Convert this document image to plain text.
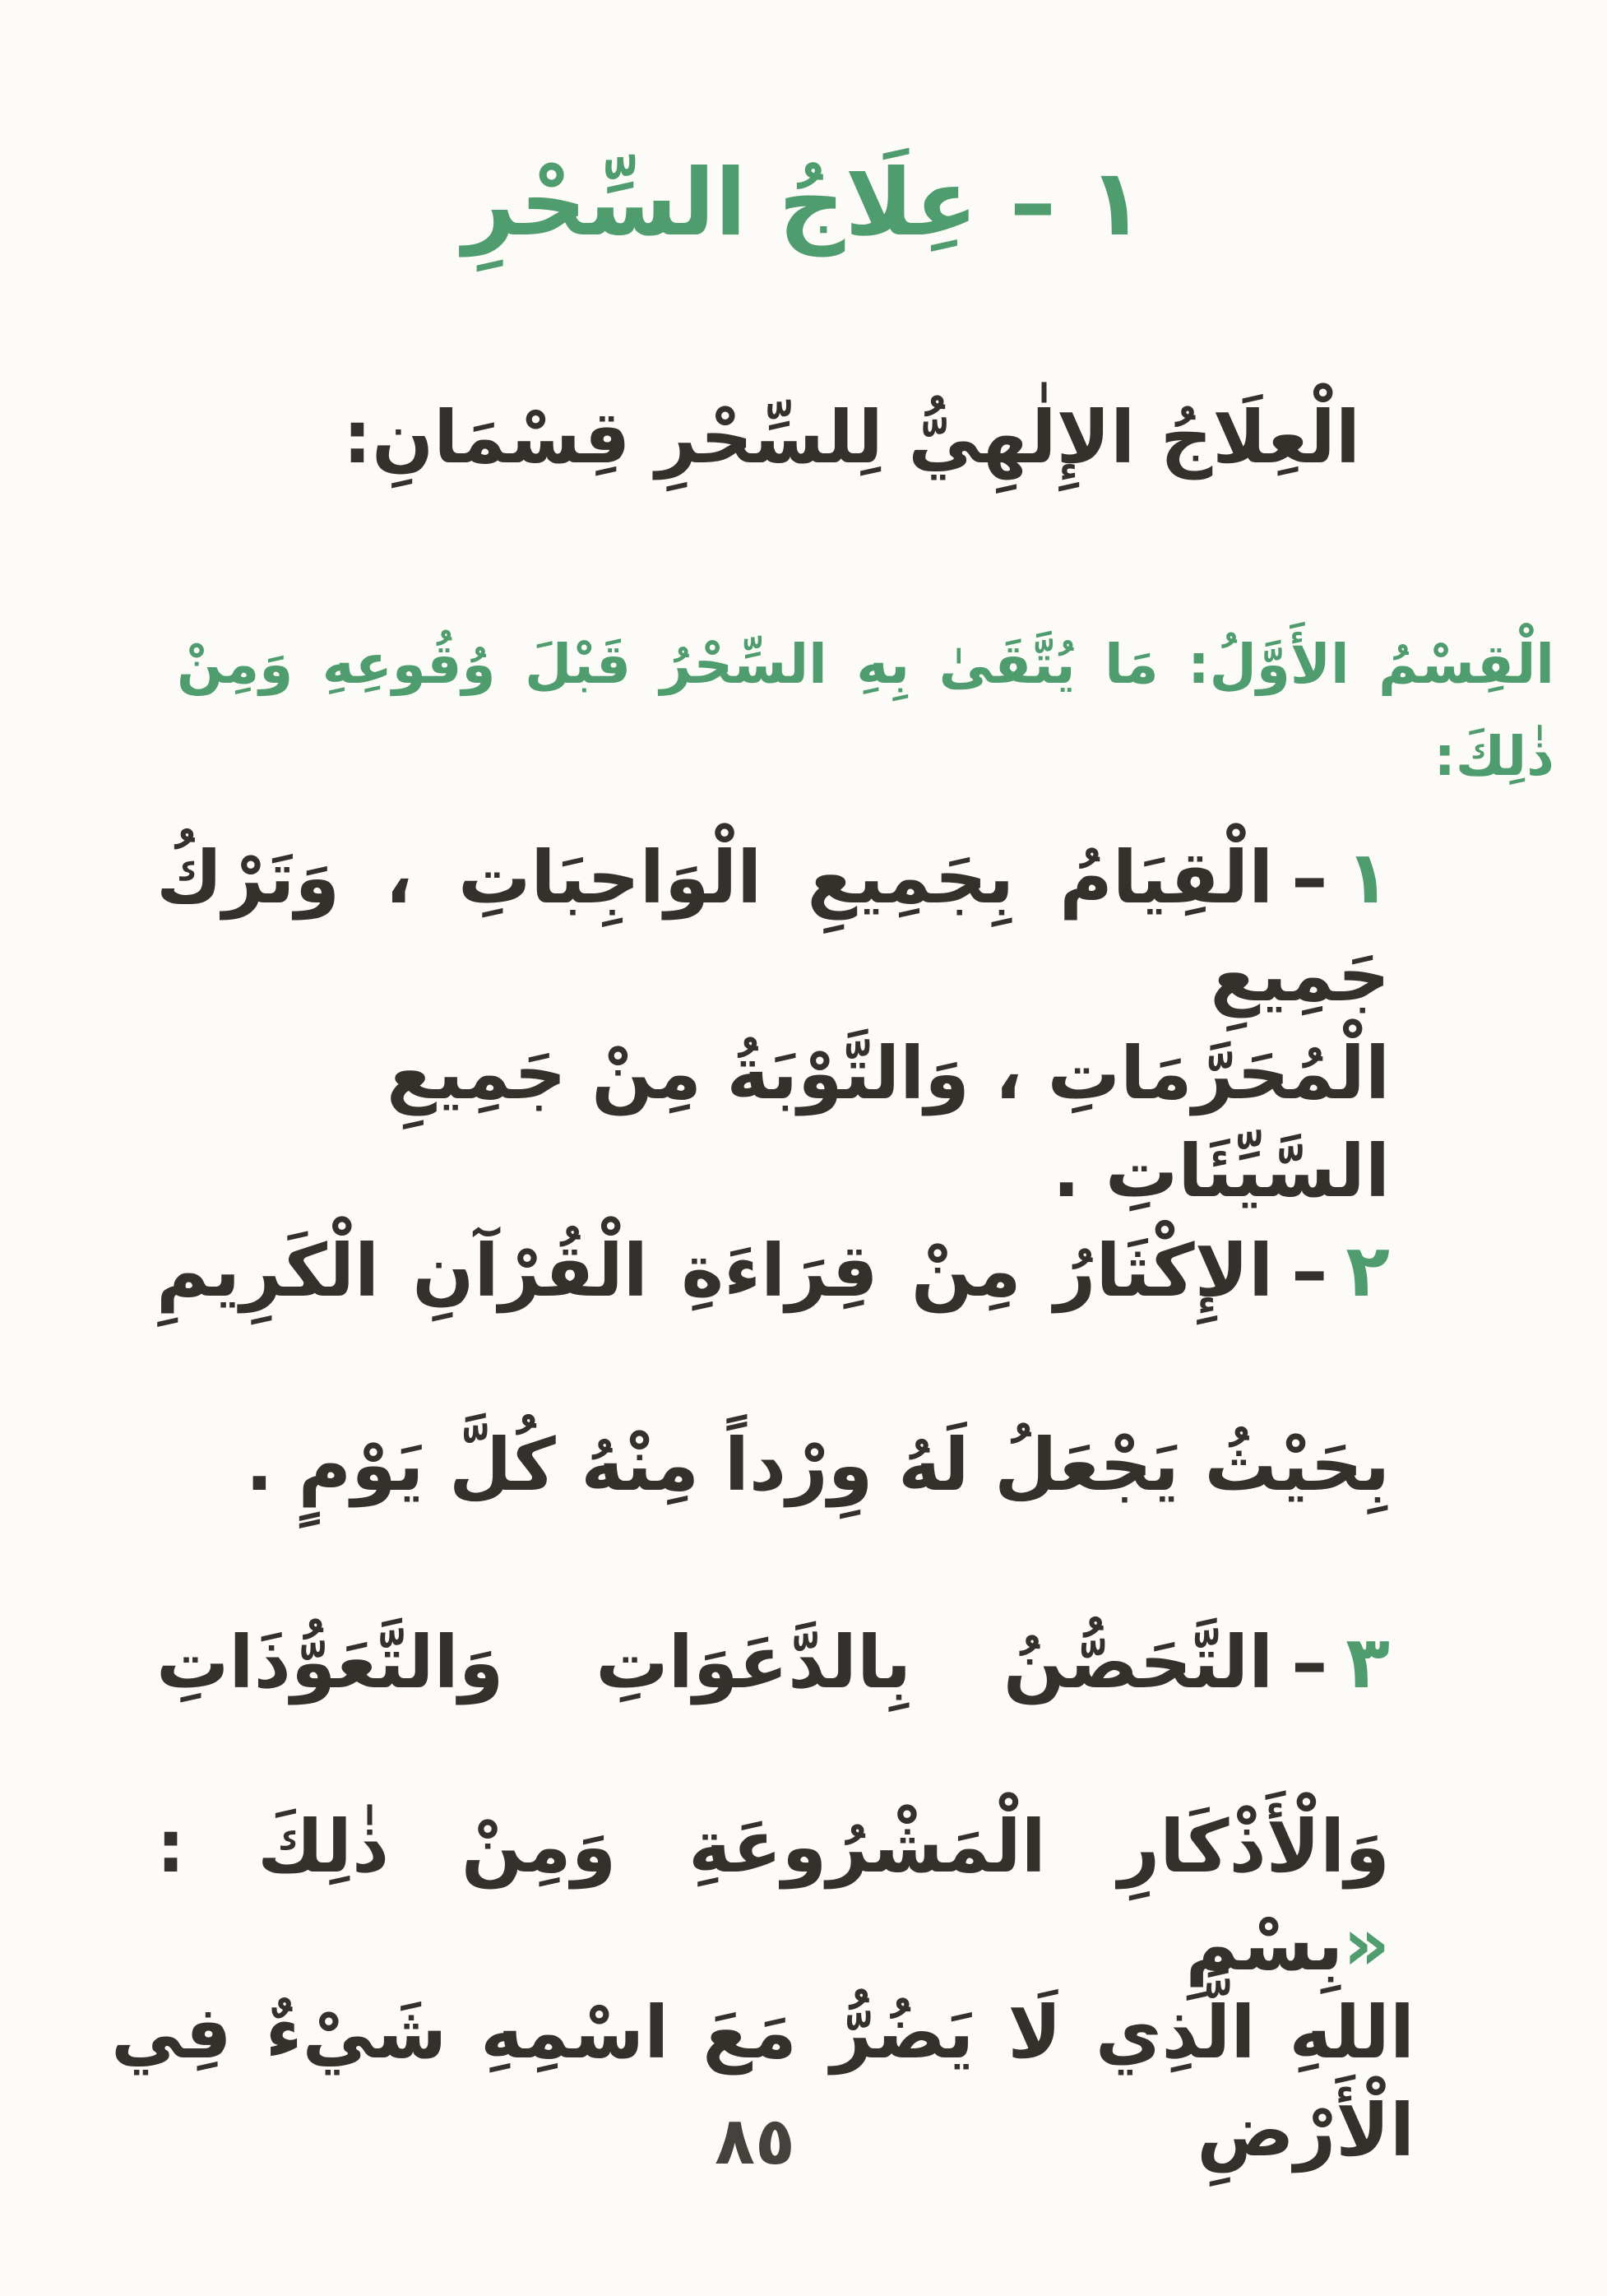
١ – عِلَاجُ السِّحْرِ
الْعِلَاجُ الإِلٰهِيُّ لِلسِّحْرِ قِسْمَانِ:
الْقِسْمُ الأَوَّلُ: مَا يُتَّقَىٰ بِهِ السِّحْرُ قَبْلَ وُقُوعِهِ وَمِنْ ذٰلِكَ:
١–الْقِيَامُ بِجَمِيعِ الْوَاجِبَاتِ ، وَتَرْكُ جَمِيعِ
الْمُحَرَّمَاتِ ، وَالتَّوْبَةُ مِنْ جَمِيعِ السَّيِّئَاتِ .
٢–الإِكْثَارُ مِنْ قِرَاءَةِ الْقُرْآنِ الْكَرِيمِ
بِحَيْثُ يَجْعَلُ لَهُ وِرْداً مِنْهُ كُلَّ يَوْمٍ .
٣–التَّحَصُّنُ بِالدَّعَوَاتِ وَالتَّعَوُّذَاتِ
وَالْأَذْكَارِ الْمَشْرُوعَةِ وَمِنْ ذٰلِكَ : «بِسْمِ
اللهِ الَّذِي لَا يَضُرُّ مَعَ اسْمِهِ شَيْءٌ فِي الْأَرْضِ
٨٥
